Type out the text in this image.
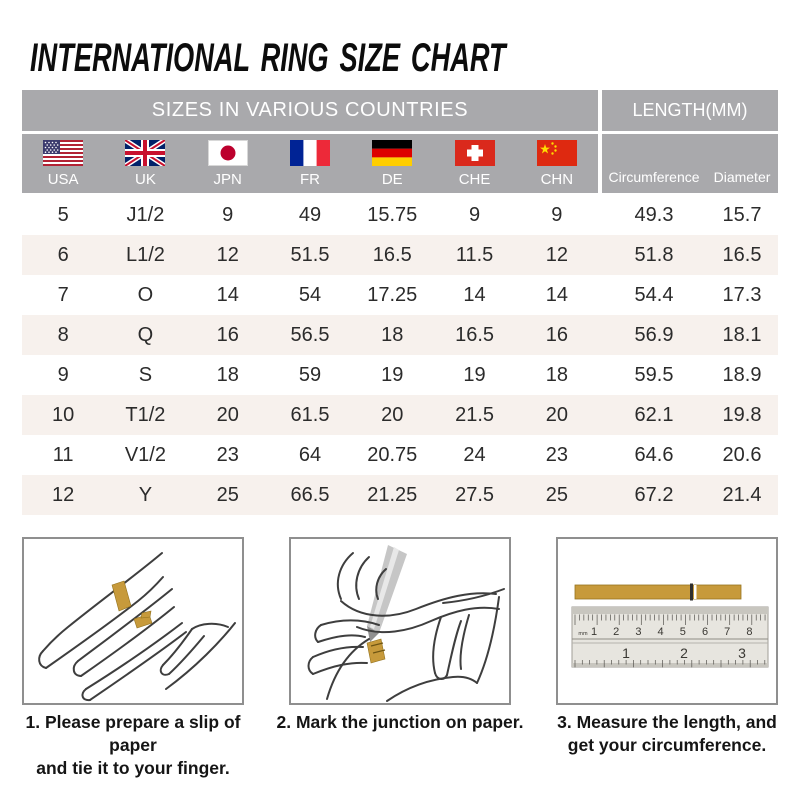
INTERNATIONAL RING SIZE CHART
SIZES IN VARIOUS COUNTRIES	LENGTH(MM)
USA	UK	JPN	FR	DE	CHE	CHN	Circumference	Diameter
5	J1/2	9	49	15.75	9	9	49.3	15.7
6	L1/2	12	51.5	16.5	11.5	12	51.8	16.5
7	O	14	54	17.25	14	14	54.4	17.3
8	Q	16	56.5	18	16.5	16	56.9	18.1
9	S	18	59	19	19	18	59.5	18.9
10	T1/2	20	61.5	20	21.5	20	62.1	19.8
11	V1/2	23	64	20.75	24	23	64.6	20.6
12	Y	25	66.5	21.25	27.5	25	67.2	21.4
1 2 3 4 5 6 7 8
mm
1	2	3
1. Please prepare a slip of paper
and tie it to your finger.
2. Mark the junction on paper.	3. Measure the length, and
get your circumference.
